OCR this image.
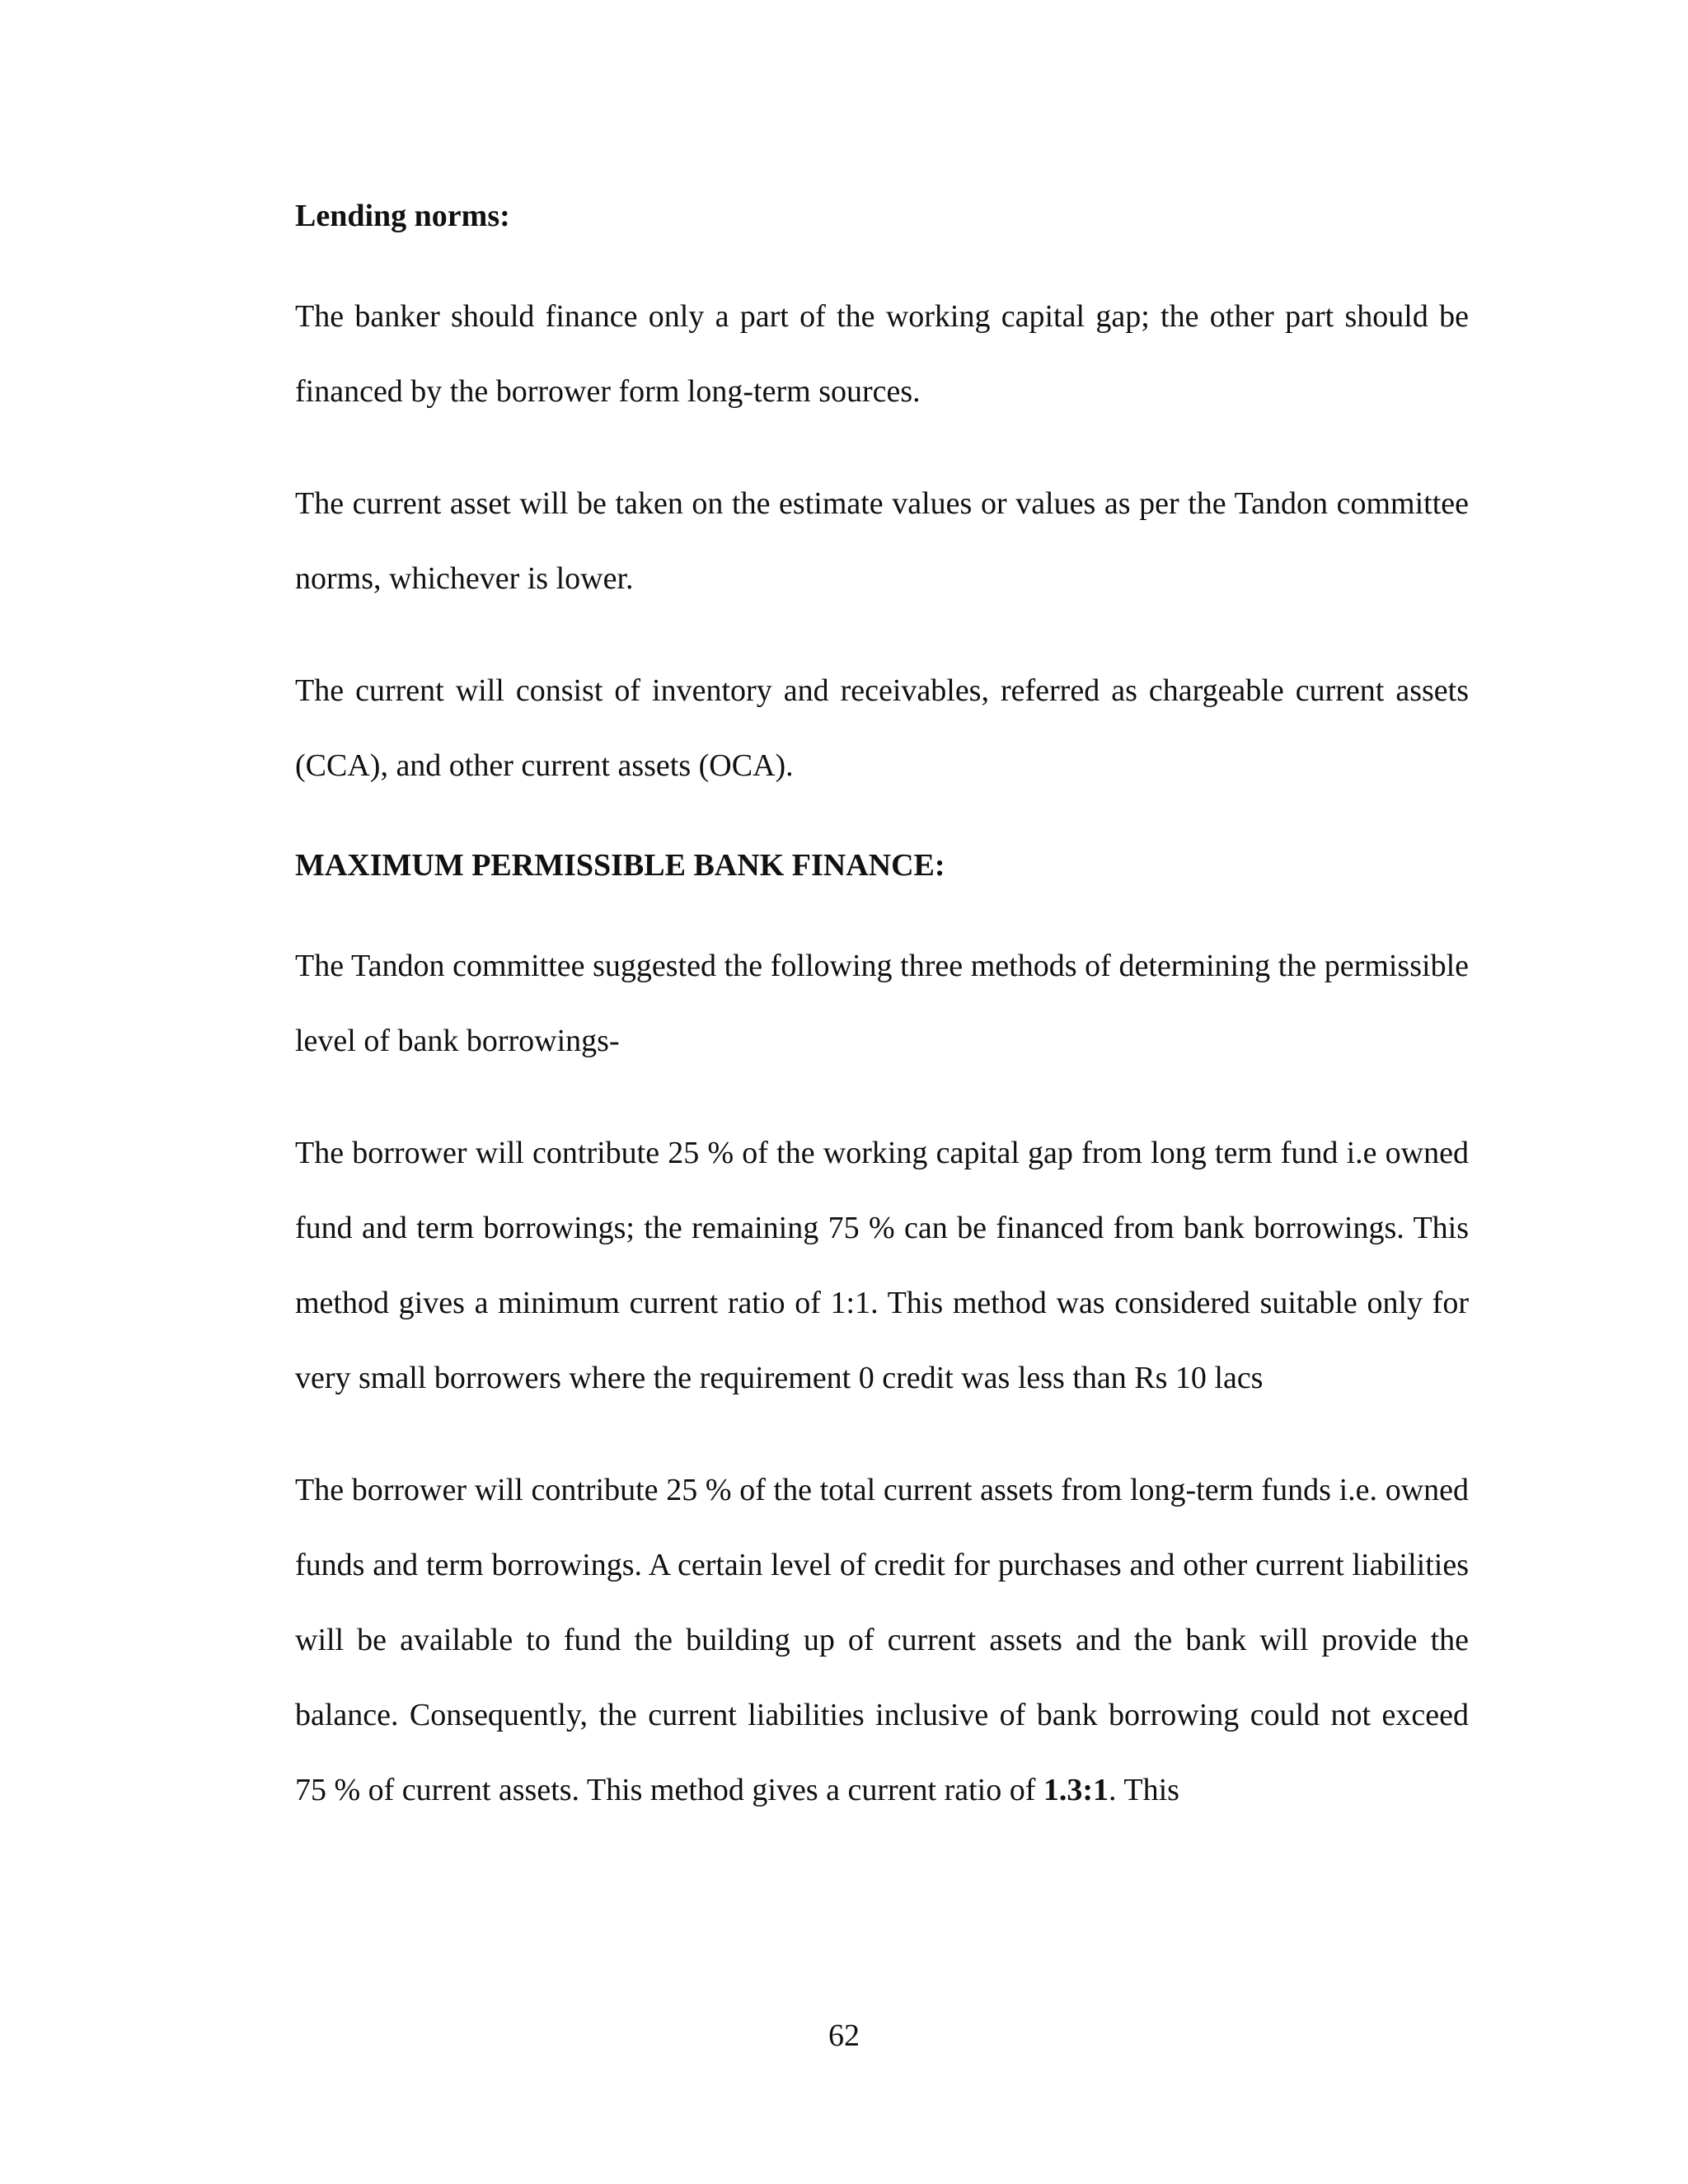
Lending norms:

The banker should finance only a part of the working capital gap; the other part should be financed by the borrower form long-term sources.

The current asset will be taken on the estimate values or values as per the Tandon committee norms, whichever is lower.

The current will consist of inventory and receivables, referred as chargeable current assets (CCA), and other current assets (OCA).

MAXIMUM PERMISSIBLE BANK FINANCE:

The Tandon committee suggested the following three methods of determining the permissible level of bank borrowings-

The borrower will contribute 25 % of the working capital gap from long term fund i.e owned fund and term borrowings; the remaining 75 % can be financed from bank borrowings. This method gives a minimum current ratio of 1:1. This method was considered suitable only for very small borrowers where the requirement 0 credit was less than Rs 10 lacs

The borrower will contribute 25 % of the total current assets from long-term funds i.e. owned funds and term borrowings. A certain level of credit for purchases and other current liabilities will be available to fund the building up of current assets and the bank will provide the balance. Consequently, the current liabilities inclusive of bank borrowing could not exceed 75 % of current assets. This method gives a current ratio of 1.3:1. This

62
